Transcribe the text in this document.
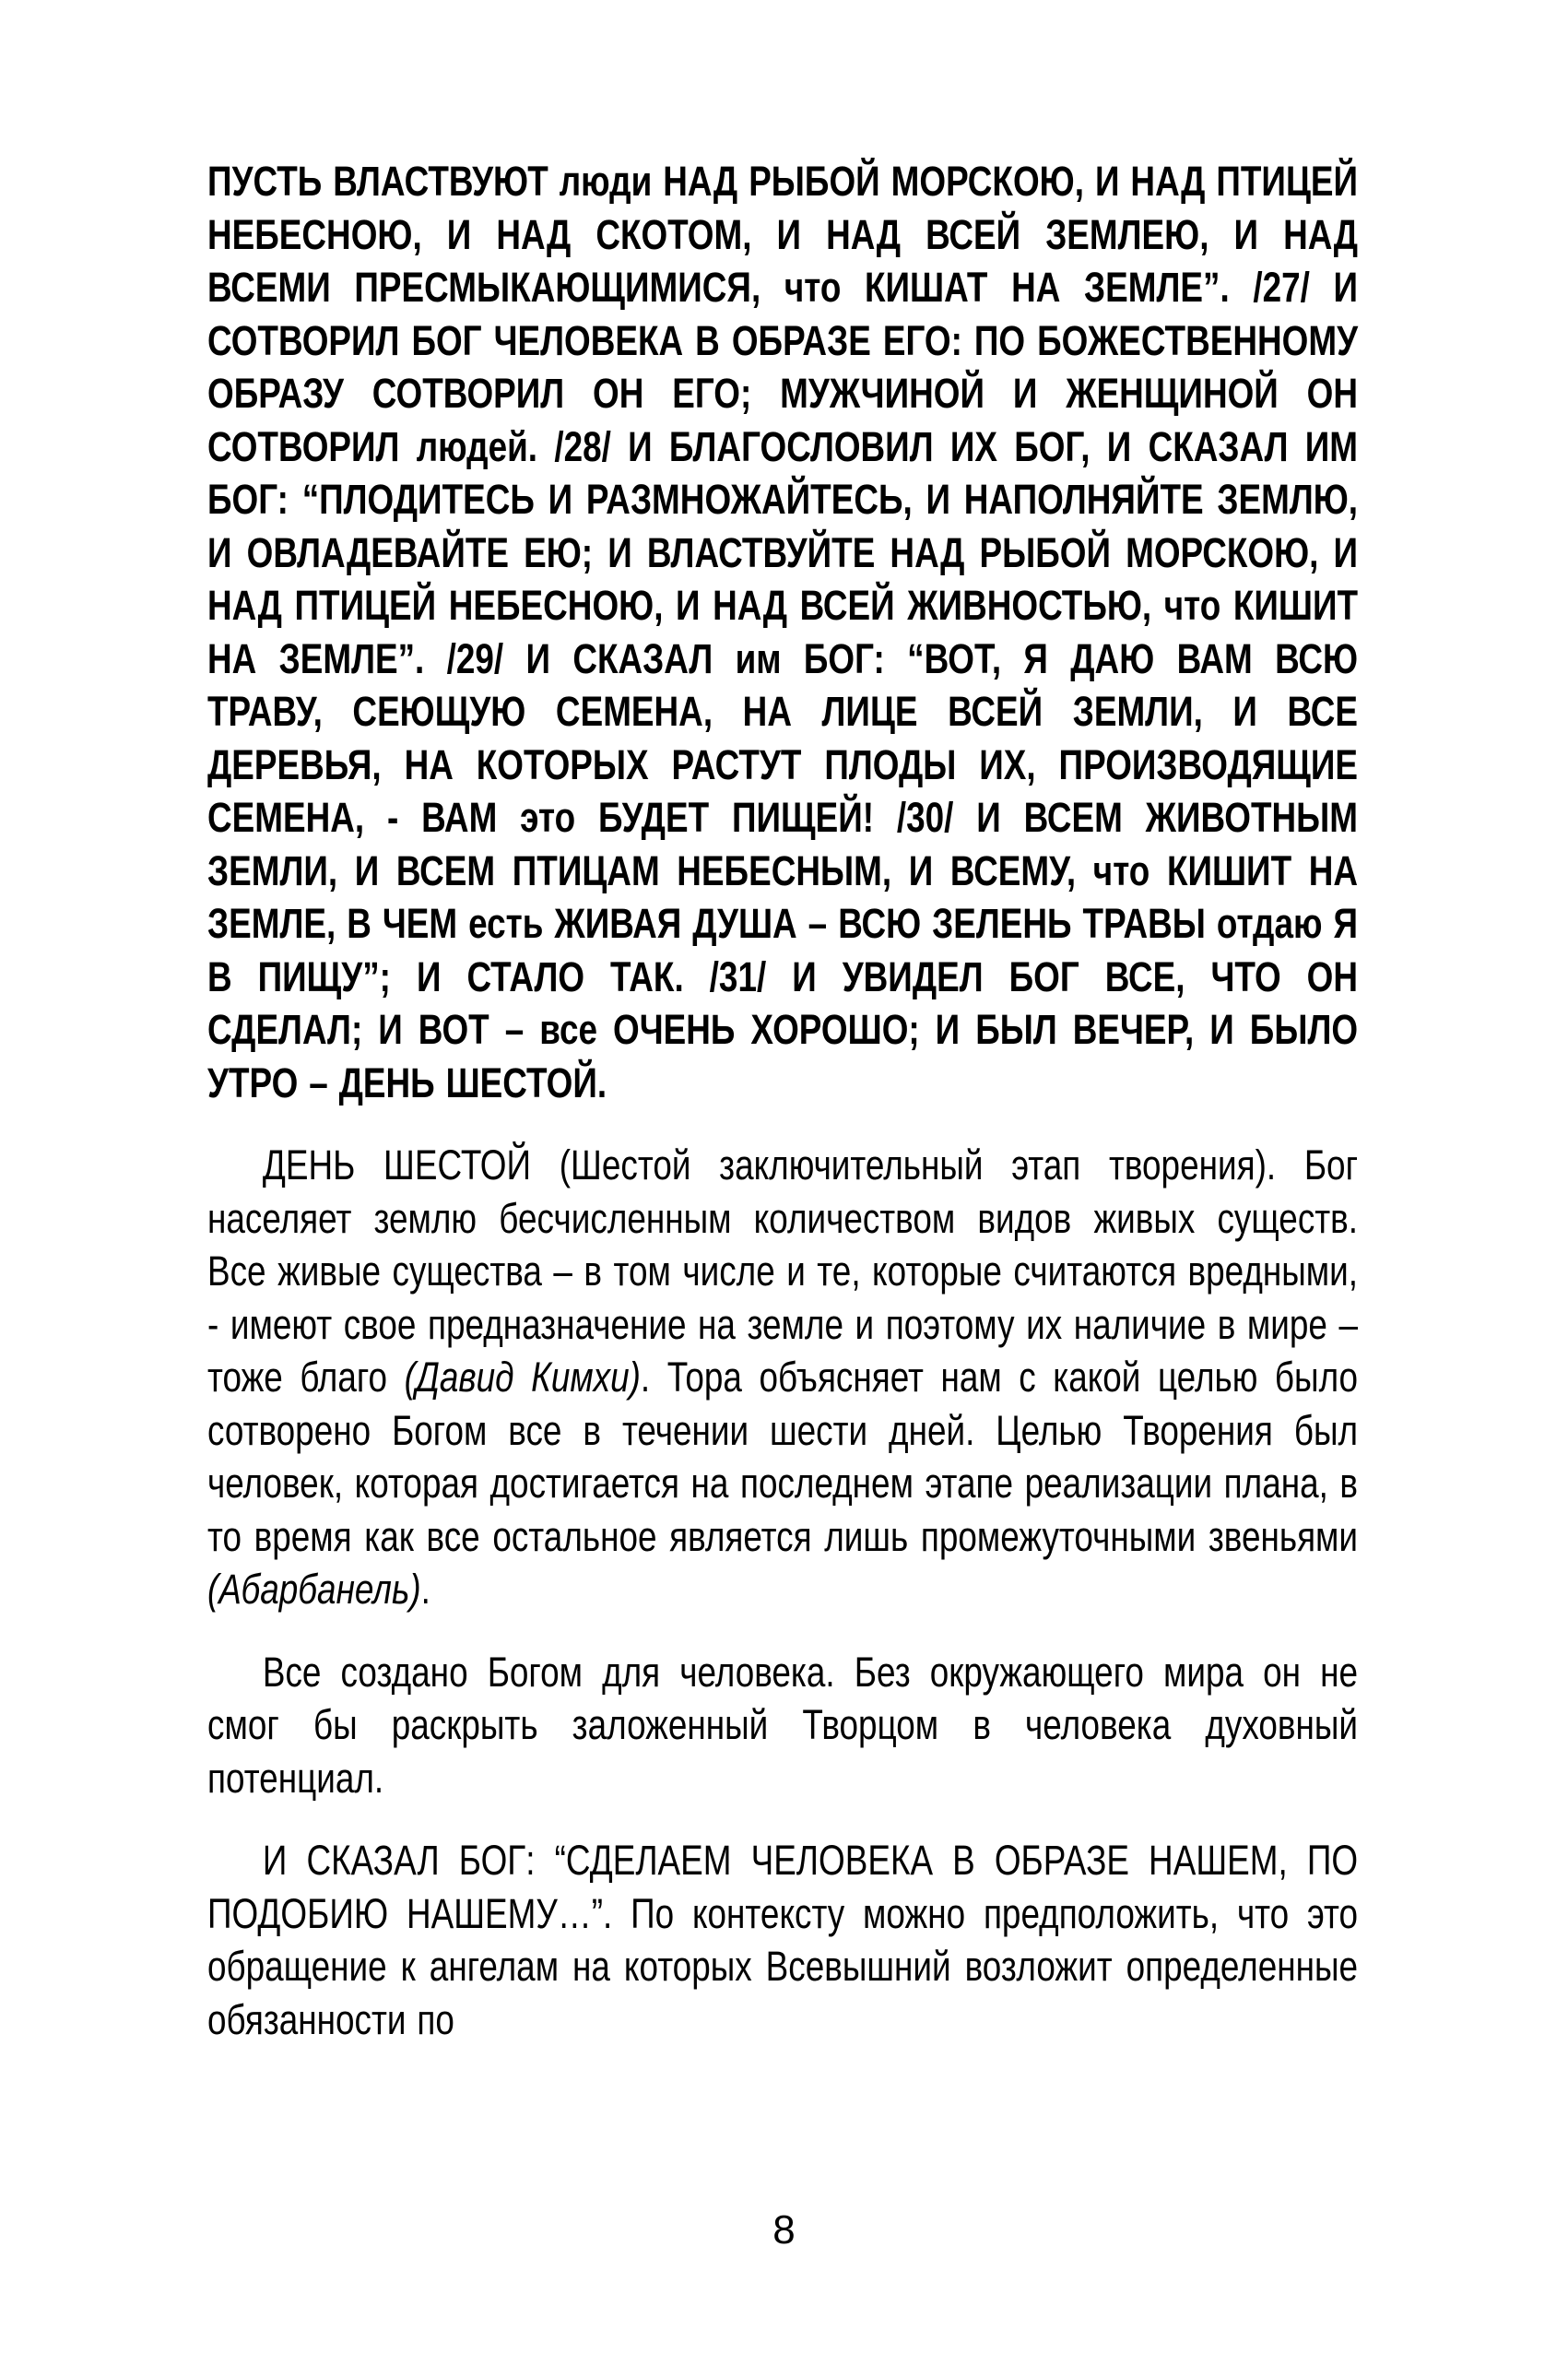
ПУСТЬ ВЛАСТВУЮТ люди НАД РЫБОЙ МОРСКОЮ, И НАД ПТИЦЕЙ НЕБЕСНОЮ, И НАД СКОТОМ, И НАД ВСЕЙ ЗЕМЛЕЮ, И НАД ВСЕМИ ПРЕСМЫКАЮЩИМИСЯ, что КИШАТ НА ЗЕМЛЕ”. /27/ И СОТВОРИЛ БОГ ЧЕЛОВЕКА В ОБРАЗЕ ЕГО: ПО БОЖЕСТВЕННОМУ ОБРАЗУ СОТВОРИЛ ОН ЕГО; МУЖЧИНОЙ И ЖЕНЩИНОЙ ОН СОТВОРИЛ людей. /28/ И БЛАГОСЛОВИЛ ИХ БОГ, И СКАЗАЛ ИМ БОГ: “ПЛОДИТЕСЬ И РАЗМНОЖАЙТЕСЬ, И НАПОЛНЯЙТЕ ЗЕМЛЮ, И ОВЛАДЕВАЙТЕ ЕЮ; И ВЛАСТВУЙТЕ НАД РЫБОЙ МОРСКОЮ, И НАД ПТИЦЕЙ НЕБЕСНОЮ, И НАД ВСЕЙ ЖИВНОСТЬЮ, что КИШИТ НА ЗЕМЛЕ”. /29/ И СКАЗАЛ им БОГ: “ВОТ, Я ДАЮ ВАМ ВСЮ ТРАВУ, СЕЮЩУЮ СЕМЕНА, НА ЛИЦЕ ВСЕЙ ЗЕМЛИ, И ВСЕ ДЕРЕВЬЯ, НА КОТОРЫХ РАСТУТ ПЛОДЫ ИХ, ПРОИЗВОДЯЩИЕ СЕМЕНА, - ВАМ это БУДЕТ ПИЩЕЙ! /30/ И ВСЕМ ЖИВОТНЫМ ЗЕМЛИ, И ВСЕМ ПТИЦАМ НЕБЕСНЫМ, И ВСЕМУ, что КИШИТ НА ЗЕМЛЕ, В ЧЕМ есть ЖИВАЯ ДУША – ВСЮ ЗЕЛЕНЬ ТРАВЫ отдаю Я В ПИЩУ”; И СТАЛО ТАК. /31/ И УВИДЕЛ БОГ ВСЕ, ЧТО ОН СДЕЛАЛ; И ВОТ – все ОЧЕНЬ ХОРОШО; И БЫЛ ВЕЧЕР, И БЫЛО УТРО – ДЕНЬ ШЕСТОЙ.

ДЕНЬ ШЕСТОЙ (Шестой заключительный этап творения). Бог населяет землю бесчисленным количеством видов живых существ. Все живые существа – в том числе и те, которые считаются вредными, - имеют свое предназначение на земле и поэтому их наличие в мире – тоже благо (Давид Кимхи). Тора объясняет нам с какой целью было сотворено Богом все в течении шести дней. Целью Творения был человек, которая достигается на последнем этапе реализации плана, в то время как все остальное является лишь промежуточными звеньями (Абарбанель).

Все создано Богом для человека. Без окружающего мира он не смог бы раскрыть заложенный Творцом в человека духовный потенциал.

И СКАЗАЛ БОГ: “СДЕЛАЕМ ЧЕЛОВЕКА В ОБРАЗЕ НАШЕМ, ПО ПОДОБИЮ НАШЕМУ…”. По контексту можно предположить, что это обращение к ангелам на которых Всевышний возложит определенные обязанности по

8
